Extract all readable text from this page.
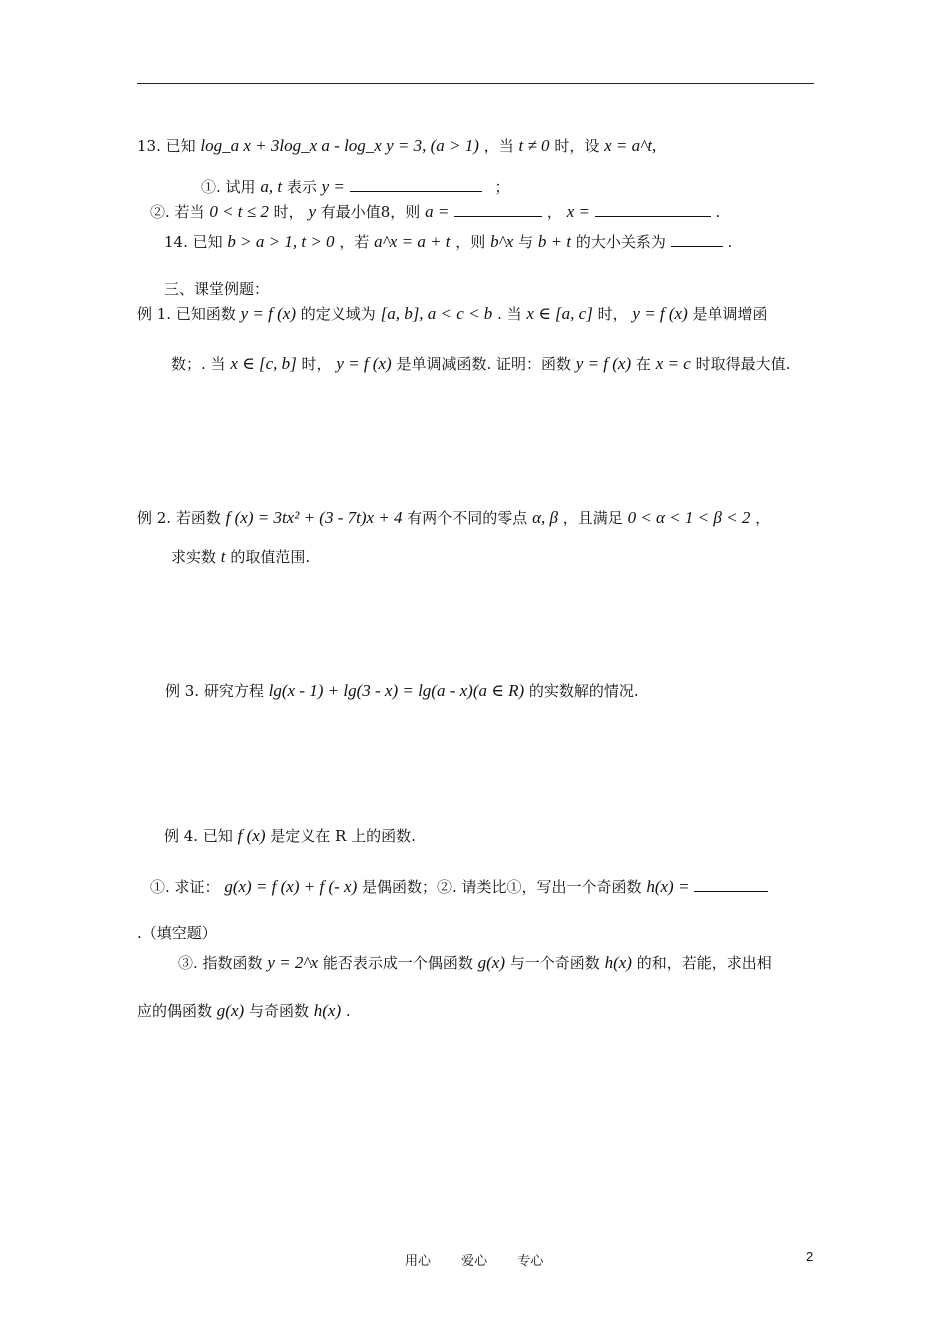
13. 已知 log_a x + 3log_x a - log_x y = 3, (a > 1) ，当 t ≠ 0 时，设 x = a^t,
①. 试用 a, t 表示 y =	；
②. 若当 0 < t ≤ 2 时， y 有最小值8，则 a =	， x =	.
14. 已知 b > a > 1, t > 0 ，若 a^x = a + t ，则 b^x 与 b + t 的大小关系为	.
三、课堂例题：
例 1. 已知函数 y = f (x) 的定义域为 [a, b], a < c < b . 当 x ∈ [a, c] 时， y = f (x) 是单调增函
数；. 当 x ∈ [c, b] 时， y = f (x) 是单调减函数. 证明：函数 y = f (x) 在 x = c 时取得最大值.
例 2. 若函数 f (x) = 3tx² + (3 - 7t)x + 4 有两个不同的零点 α, β ，且满足 0 < α < 1 < β < 2 ，
求实数 t 的取值范围.
例 3. 研究方程 lg(x - 1) + lg(3 - x) = lg(a - x)(a ∈ R) 的实数解的情况.
例 4. 已知 f (x) 是定义在 R 上的函数.
①. 求证： g(x) = f (x) + f (- x) 是偶函数；②. 请类比①，写出一个奇函数 h(x) =
.（填空题）
③. 指数函数 y = 2^x 能否表示成一个偶函数 g(x) 与一个奇函数 h(x) 的和，若能，求出相
应的偶函数 g(x) 与奇函数 h(x) .
用心 爱心 专心	2
